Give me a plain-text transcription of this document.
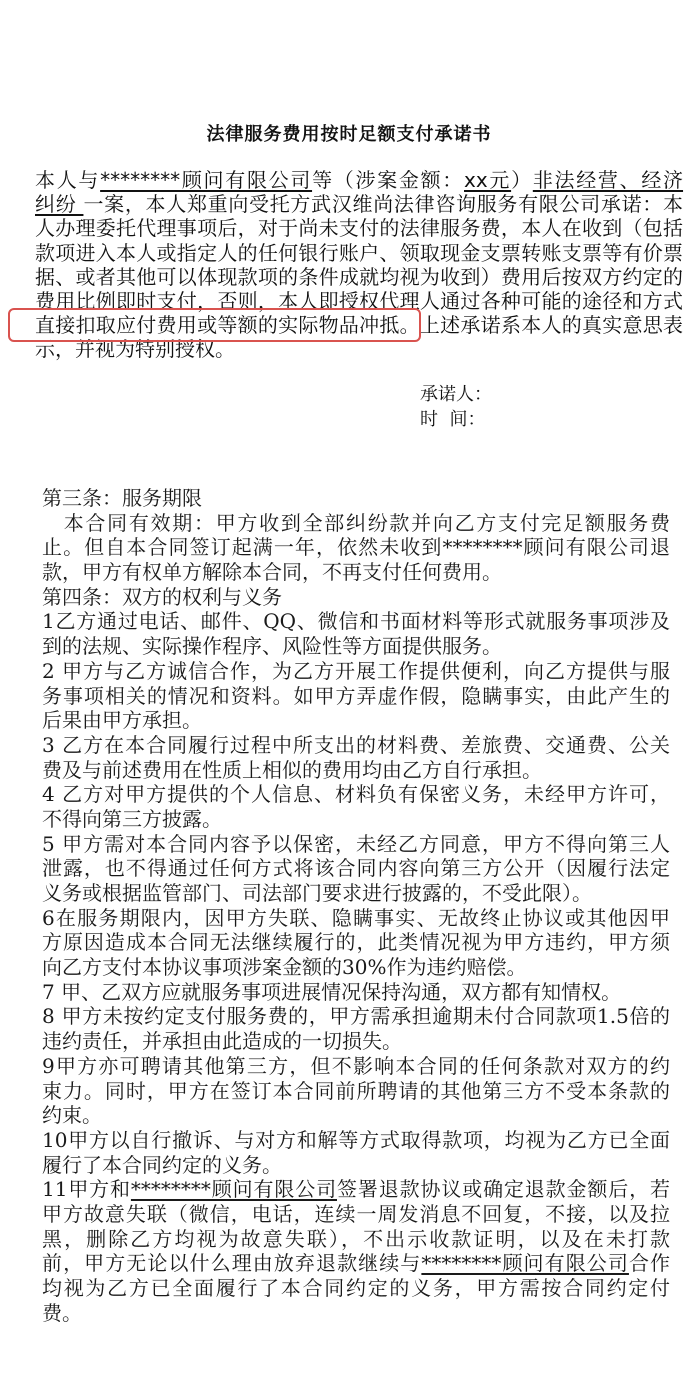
法律服务费用按时足额支付承诺书
本人与********顾问有限公司等（涉案金额：xx元）非法经营、经济
纠纷 一案，本人郑重向受托方武汉维尚法律咨询服务有限公司承诺：本
人办理委托代理事项后，对于尚未支付的法律服务费，本人在收到（包括
款项进入本人或指定人的任何银行账户、领取现金支票转账支票等有价票
据、或者其他可以体现款项的条件成就均视为收到）费用后按双方约定的
费用比例即时支付，否则，本人即授权代理人通过各种可能的途径和方式
直接扣取应付费用或等额的实际物品冲抵。上述承诺系本人的真实意思表
示，并视为特别授权。
承诺人：
时  间：
第三条：服务期限
　本合同有效期：甲方收到全部纠纷款并向乙方支付完足额服务费
止。但自本合同签订起满一年，依然未收到********顾问有限公司退
款，甲方有权单方解除本合同，不再支付任何费用。
第四条：双方的权利与义务
1乙方通过电话、邮件、QQ、微信和书面材料等形式就服务事项涉及
到的法规、实际操作程序、风险性等方面提供服务。
2 甲方与乙方诚信合作，为乙方开展工作提供便利，向乙方提供与服
务事项相关的情况和资料。如甲方弄虚作假，隐瞒事实，由此产生的
后果由甲方承担。
3 乙方在本合同履行过程中所支出的材料费、差旅费、交通费、公关
费及与前述费用在性质上相似的费用均由乙方自行承担。
4 乙方对甲方提供的个人信息、材料负有保密义务，未经甲方许可，
不得向第三方披露。
5 甲方需对本合同内容予以保密，未经乙方同意，甲方不得向第三人
泄露，也不得通过任何方式将该合同内容向第三方公开（因履行法定
义务或根据监管部门、司法部门要求进行披露的，不受此限）。
6在服务期限内，因甲方失联、隐瞒事实、无故终止协议或其他因甲
方原因造成本合同无法继续履行的，此类情况视为甲方违约，甲方须
向乙方支付本协议事项涉案金额的30%作为违约赔偿。
7 甲、乙双方应就服务事项进展情况保持沟通，双方都有知情权。
8 甲方未按约定支付服务费的，甲方需承担逾期未付合同款项1.5倍的
违约责任，并承担由此造成的一切损失。
9甲方亦可聘请其他第三方，但不影响本合同的任何条款对双方的约
束力。同时，甲方在签订本合同前所聘请的其他第三方不受本条款的
约束。
10甲方以自行撤诉、与对方和解等方式取得款项，均视为乙方已全面
履行了本合同约定的义务。
11甲方和********顾问有限公司签署退款协议或确定退款金额后，若
甲方故意失联（微信，电话，连续一周发消息不回复，不接，以及拉
黑，删除乙方均视为故意失联），不出示收款证明，以及在未打款
前，甲方无论以什么理由放弃退款继续与********顾问有限公司合作
均视为乙方已全面履行了本合同约定的义务，甲方需按合同约定付
费。
